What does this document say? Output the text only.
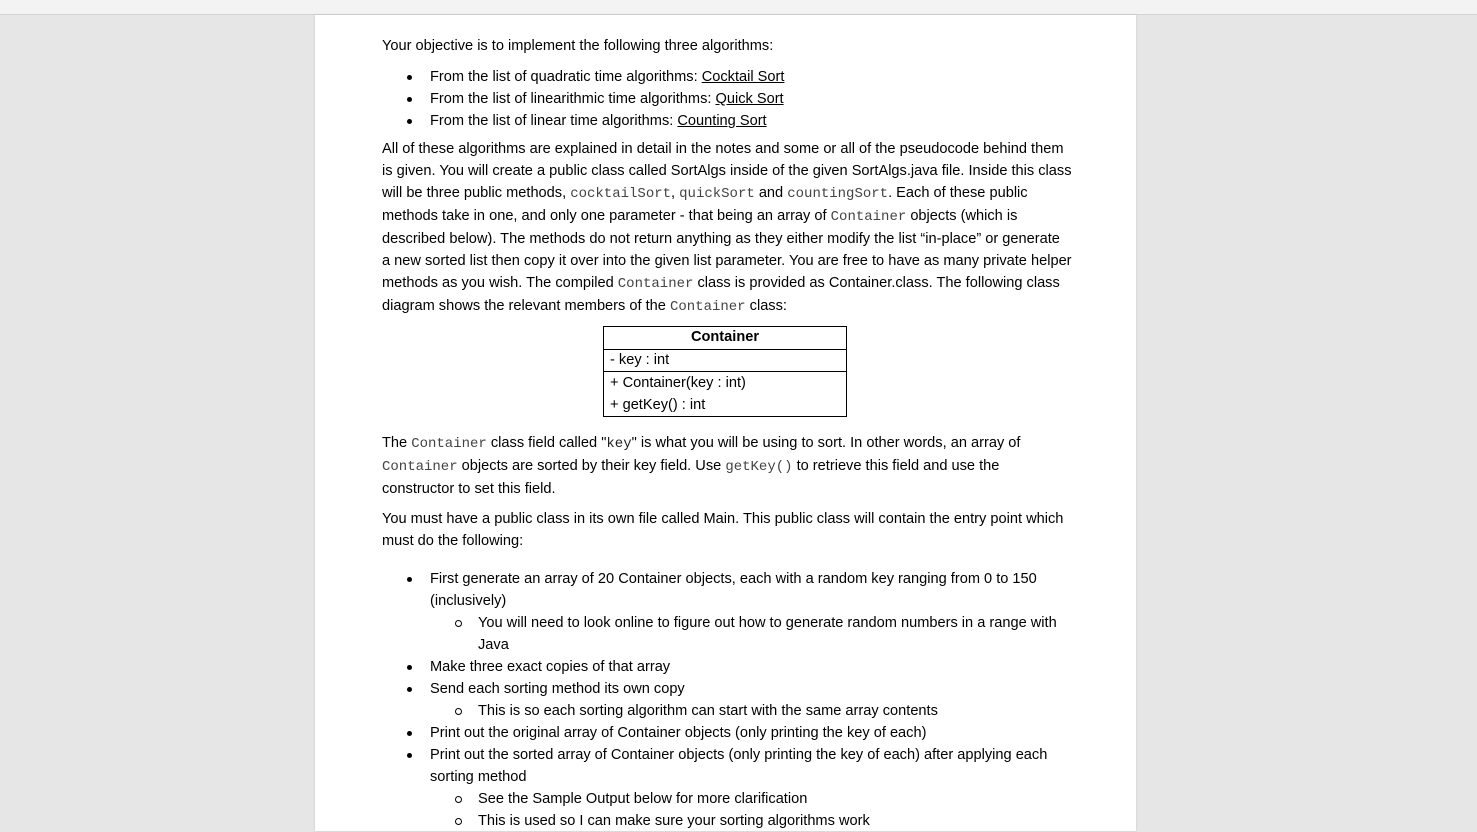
Your objective is to implement the following three algorithms:

From the list of quadratic time algorithms: Cocktail Sort
From the list of linearithmic time algorithms: Quick Sort
From the list of linear time algorithms: Counting Sort

All of these algorithms are explained in detail in the notes and some or all of the pseudocode behind them is given. You will create a public class called SortAlgs inside of the given SortAlgs.java file. Inside this class will be three public methods, cocktailSort, quickSort and countingSort. Each of these public methods take in one, and only one parameter - that being an array of Container objects (which is described below). The methods do not return anything as they either modify the list “in-place” or generate a new sorted list then copy it over into the given list parameter. You are free to have as many private helper methods as you wish. The compiled Container class is provided as Container.class. The following class diagram shows the relevant members of the Container class:

Container
- key : int
+ Container(key : int)
+ getKey() : int

The Container class field called "key" is what you will be using to sort. In other words, an array of Container objects are sorted by their key field. Use getKey() to retrieve this field and use the constructor to set this field.

You must have a public class in its own file called Main. This public class will contain the entry point which must do the following:

First generate an array of 20 Container objects, each with a random key ranging from 0 to 150 (inclusively)
You will need to look online to figure out how to generate random numbers in a range with Java
Make three exact copies of that array
Send each sorting method its own copy
This is so each sorting algorithm can start with the same array contents
Print out the original array of Container objects (only printing the key of each)
Print out the sorted array of Container objects (only printing the key of each) after applying each sorting method
See the Sample Output below for more clarification
This is used so I can make sure your sorting algorithms work
